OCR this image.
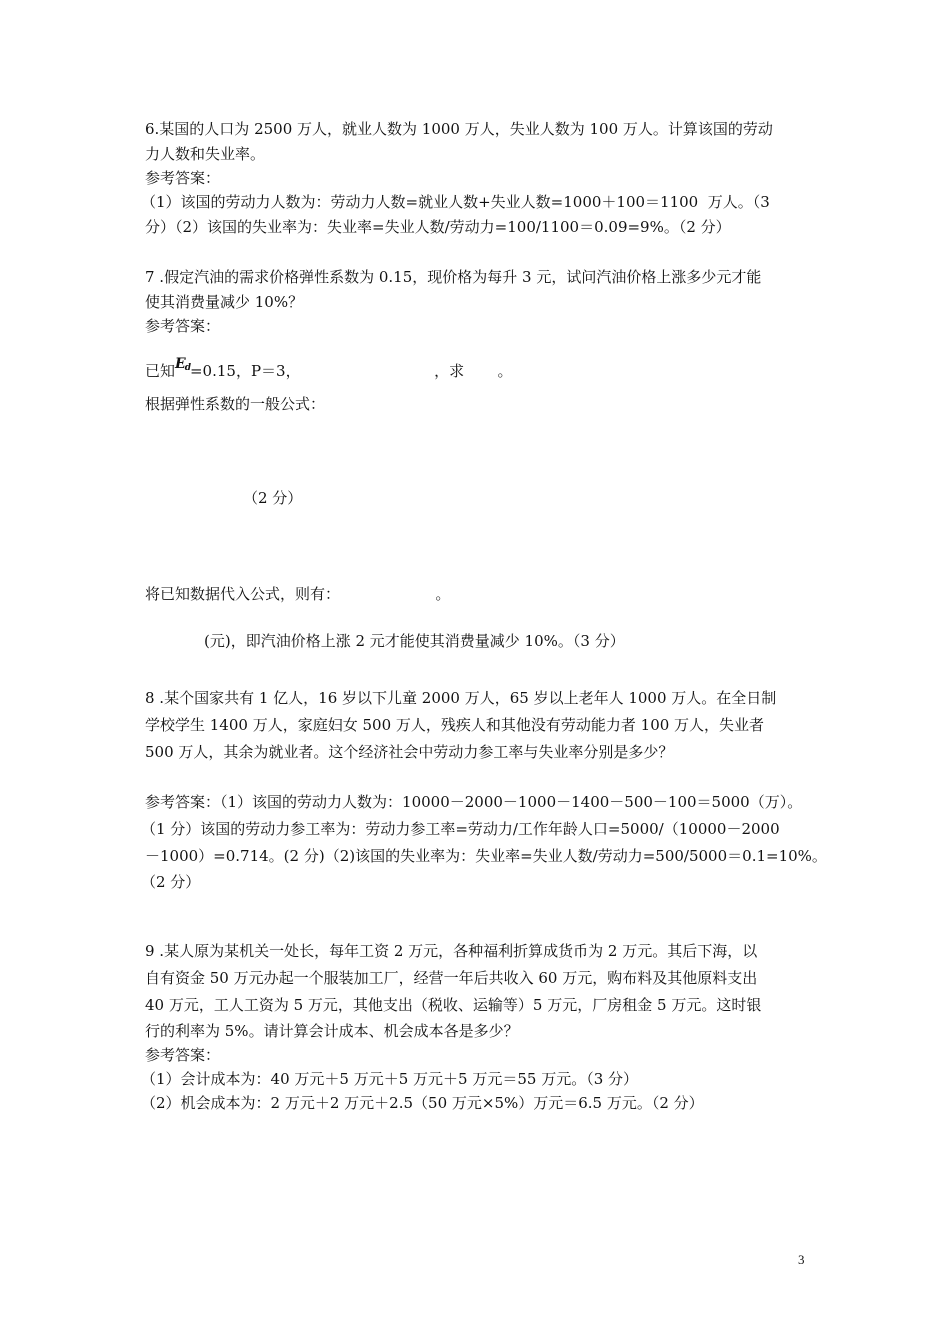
6.某国的人口为 2500 万人，就业人数为 1000 万人，失业人数为 100 万人。计算该国的劳动

力人数和失业率。

参考答案：

（1）该国的劳动力人数为：劳动力人数=就业人数+失业人数=1000＋100＝1100  万人。（3

分）（2）该国的失业率为：失业率=失业人数/劳动力=100/1100＝0.09=9%。（2 分）

7 .假定汽油的需求价格弹性系数为 0.15，现价格为每升 3 元，试问汽油价格上涨多少元才能

使其消费量减少 10%？

参考答案：

已知$E_d=0.15$，P＝3，                            ，求       。

根据弹性系数的一般公式：

（2 分）

将已知数据代入公式，则有：                    。

(元)，即汽油价格上涨 2 元才能使其消费量减少 10%。（3 分）

8 .某个国家共有 1 亿人，16 岁以下儿童 2000 万人，65 岁以上老年人 1000 万人。在全日制

学校学生 1400 万人，家庭妇女 500 万人，残疾人和其他没有劳动能力者 100 万人，失业者

500 万人，其余为就业者。这个经济社会中劳动力参工率与失业率分别是多少？

参考答案：（1）该国的劳动力人数为：10000－2000－1000－1400－500－100＝5000（万）。

（1 分）该国的劳动力参工率为：劳动力参工率=劳动力/工作年龄人口=5000/（10000－2000

－1000）=0.714。(2 分)（2)该国的失业率为：失业率=失业人数/劳动力=500/5000＝0.1=10%。

（2 分）

9 .某人原为某机关一处长，每年工资 2 万元，各种福利折算成货币为 2 万元。其后下海，以

自有资金 50 万元办起一个服装加工厂，经营一年后共收入 60 万元，购布料及其他原料支出

40 万元，工人工资为 5 万元，其他支出（税收、运输等）5 万元，厂房租金 5 万元。这时银

行的利率为 5%。请计算会计成本、机会成本各是多少？

参考答案：

（1）会计成本为：40 万元＋5 万元＋5 万元＋5 万元＝55 万元。（3 分）

（2）机会成本为：2 万元＋2 万元＋2.5（50 万元×5%）万元＝6.5 万元。（2 分）

3
